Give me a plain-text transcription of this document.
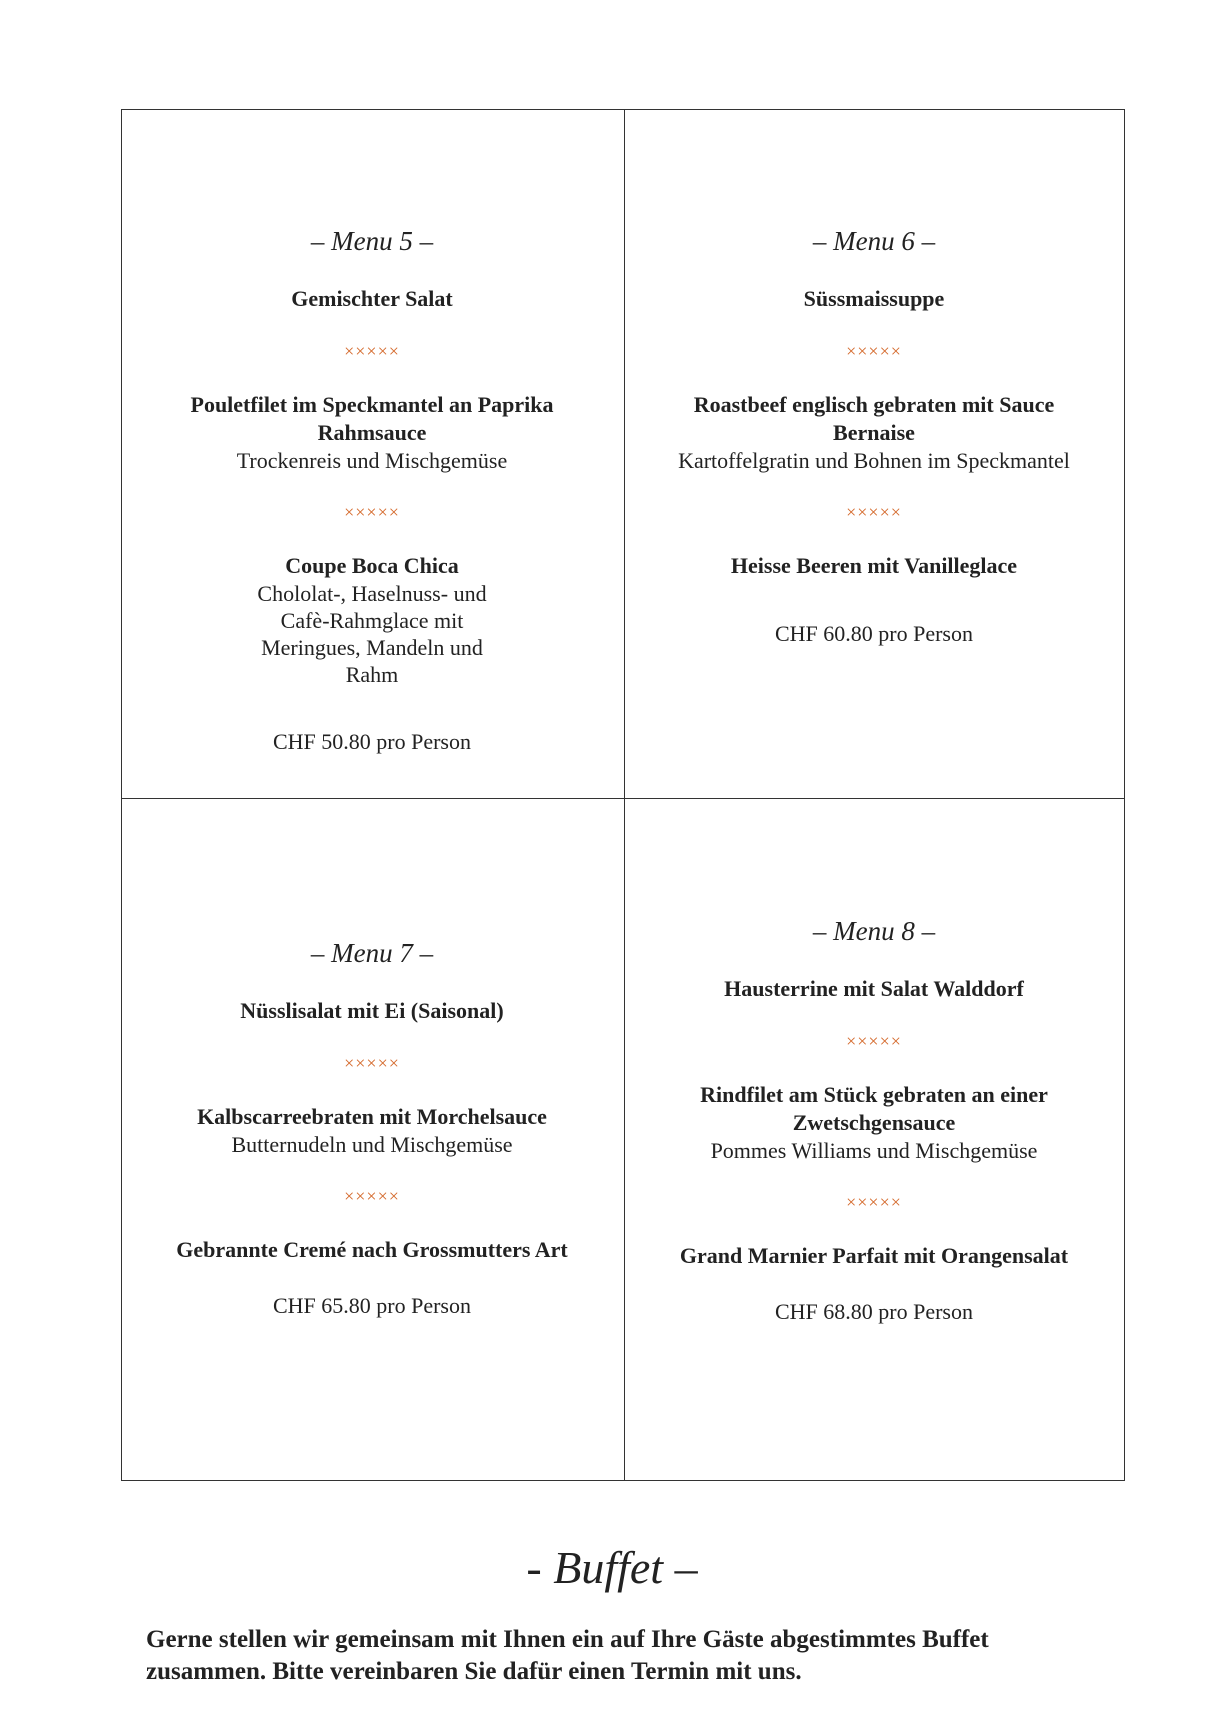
– Menu 5 –

Gemischter Salat

×××××

Pouletfilet im Speckmantel an Paprika Rahmsauce

Trockenreis und Mischgemüse

×××××

Coupe Boca Chica

Chololat-, Haselnuss- und Cafè-Rahmglace mit Meringues, Mandeln und Rahm

CHF 50.80 pro Person

– Menu 6 –

Süssmaissuppe

×××××

Roastbeef englisch gebraten mit Sauce Bernaise

Kartoffelgratin und Bohnen im Speckmantel

×××××

Heisse Beeren mit Vanilleglace

CHF 60.80 pro Person

– Menu 7 –

Nüsslisalat mit Ei (Saisonal)

×××××

Kalbscarreebraten mit Morchelsauce

Butternudeln und Mischgemüse

×××××

Gebrannte Cremé nach Grossmutters Art

CHF 65.80 pro Person

– Menu 8 –

Hausterrine mit Salat Walddorf

×××××

Rindfilet am Stück gebraten an einer Zwetschgensauce

Pommes Williams und Mischgemüse

×××××

Grand Marnier Parfait mit Orangensalat

CHF 68.80 pro Person

- Buffet –
Gerne stellen wir gemeinsam mit Ihnen ein auf Ihre Gäste abgestimmtes Buffet zusammen. Bitte vereinbaren Sie dafür einen Termin mit uns.
